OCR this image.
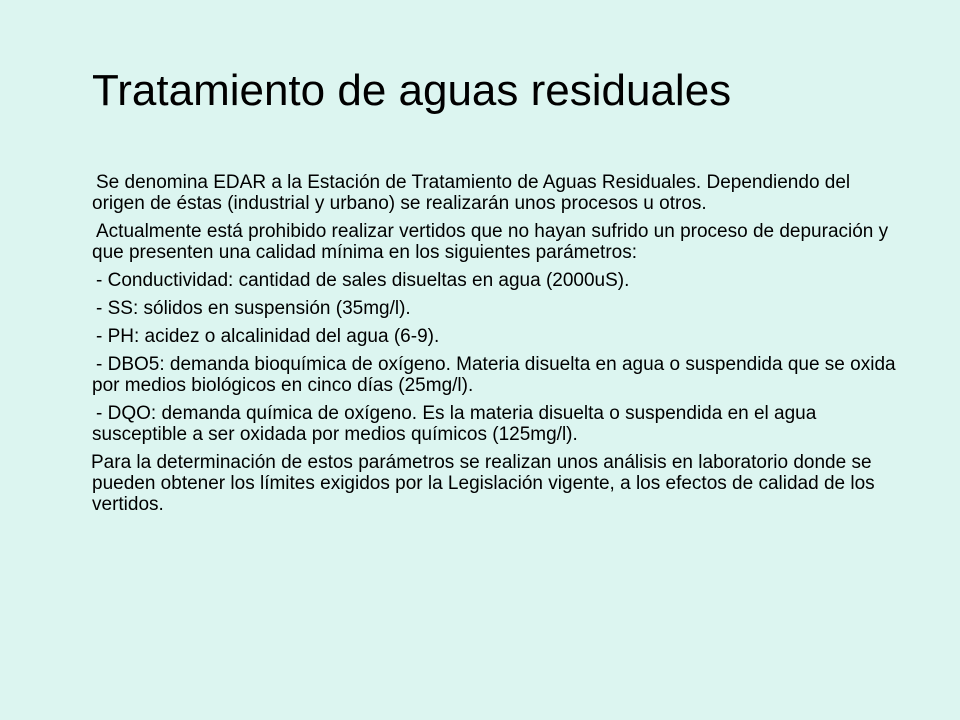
Tratamiento de aguas residuales

Se denomina EDAR a la Estación de Tratamiento de Aguas Residuales. Dependiendo del origen de éstas (industrial y urbano) se realizarán unos procesos u otros.

Actualmente está prohibido realizar vertidos que no hayan sufrido un proceso de depuración y que presenten una calidad mínima en los siguientes parámetros:

- Conductividad: cantidad de sales disueltas en agua (2000uS).

- SS: sólidos en suspensión (35mg/l).

- PH: acidez o alcalinidad del agua (6-9).

- DBO5: demanda bioquímica de oxígeno. Materia disuelta en agua o suspendida que se oxida por medios biológicos en cinco días (25mg/l).

- DQO: demanda química de oxígeno. Es la materia disuelta o suspendida en el agua susceptible a ser oxidada por medios químicos (125mg/l).

Para la determinación de estos parámetros se realizan unos análisis en laboratorio donde se pueden obtener los límites exigidos por la Legislación vigente, a los efectos de calidad de los vertidos.
